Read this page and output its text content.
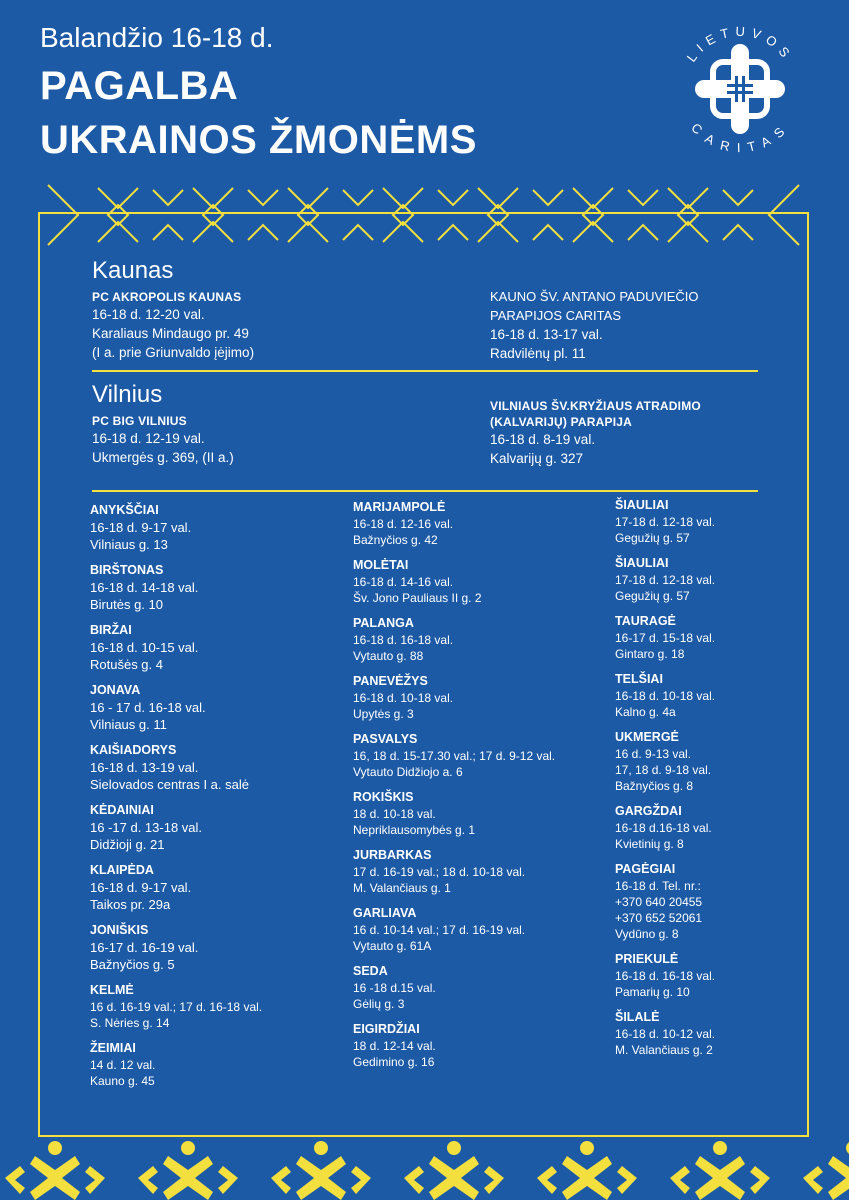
Balandžio 16-18 d.
PAGALBA
UKRAINOS ŽMONĖMS
LIETUVOS
CARITAS
Kaunas
PC AKROPOLIS KAUNAS
16-18 d. 12-20 val.
Karaliaus Mindaugo pr. 49
(I a. prie Griunvaldo įėjimo)
KAUNO ŠV. ANTANO PADUVIEČIO
PARAPIJOS CARITAS
16-18 d. 13-17 val.
Radvilėnų pl. 11
Vilnius
PC BIG VILNIUS
16-18 d. 12-19 val.
Ukmergės g. 369, (II a.)
VILNIAUS ŠV.KRYŽIAUS ATRADIMO
(KALVARIJŲ) PARAPIJA
16-18 d. 8-19 val.
Kalvarijų g. 327
ANYKŠČIAI
16-18 d. 9-17 val.
Vilniaus g. 13
BIRŠTONAS
16-18 d. 14-18 val.
Birutės g. 10
BIRŽAI
16-18 d. 10-15 val.
Rotušės g. 4
JONAVA
16 - 17 d. 16-18 val.
Vilniaus g. 11
KAIŠIADORYS
16-18 d. 13-19 val.
Sielovados centras I a. salė
KĖDAINIAI
16 -17 d. 13-18 val.
Didžioji g. 21
KLAIPĖDA
16-18 d. 9-17 val.
Taikos pr. 29a
JONIŠKIS
16-17 d. 16-19 val.
Bažnyčios g. 5
KELMĖ
16 d. 16-19 val.; 17 d. 16-18 val.
S. Nėries g. 14
ŽEIMIAI
14 d. 12 val.
Kauno g. 45
MARIJAMPOLĖ
16-18 d. 12-16 val.
Bažnyčios g. 42
MOLĖTAI
16-18 d. 14-16 val.
Šv. Jono Pauliaus II g. 2
PALANGA
16-18 d. 16-18 val.
Vytauto g. 88
PANEVĖŽYS
16-18 d. 10-18 val.
Upytės g. 3
PASVALYS
16, 18 d. 15-17.30 val.; 17 d. 9-12 val.
Vytauto Didžiojo a. 6
ROKIŠKIS
18 d. 10-18 val.
Nepriklausomybės g. 1
JURBARKAS
17 d. 16-19 val.; 18 d. 10-18 val.
M. Valančiaus g. 1
GARLIAVA
16 d. 10-14 val.; 17 d. 16-19 val.
Vytauto g. 61A
SEDA
16 -18 d.15 val.
Gėlių g. 3
EIGIRDŽIAI
18 d. 12-14 val.
Gedimino g. 16
ŠIAULIAI
17-18 d. 12-18 val.
Gegužių g. 57
ŠIAULIAI
17-18 d. 12-18 val.
Gegužių g. 57
TAURAGĖ
16-17 d. 15-18 val.
Gintaro g. 18
TELŠIAI
16-18 d. 10-18 val.
Kalno g. 4a
UKMERGĖ
16 d. 9-13 val.
17, 18 d. 9-18 val.
Bažnyčios g. 8
GARGŽDAI
16-18 d.16-18 val.
Kvietinių g. 8
PAGĖGIAI
16-18 d. Tel. nr.:
+370 640 20455
+370 652 52061
Vydūno g. 8
PRIEKULĖ
16-18 d. 16-18 val.
Pamarių g. 10
ŠILALĖ
16-18 d. 10-12 val.
M. Valančiaus g. 2
